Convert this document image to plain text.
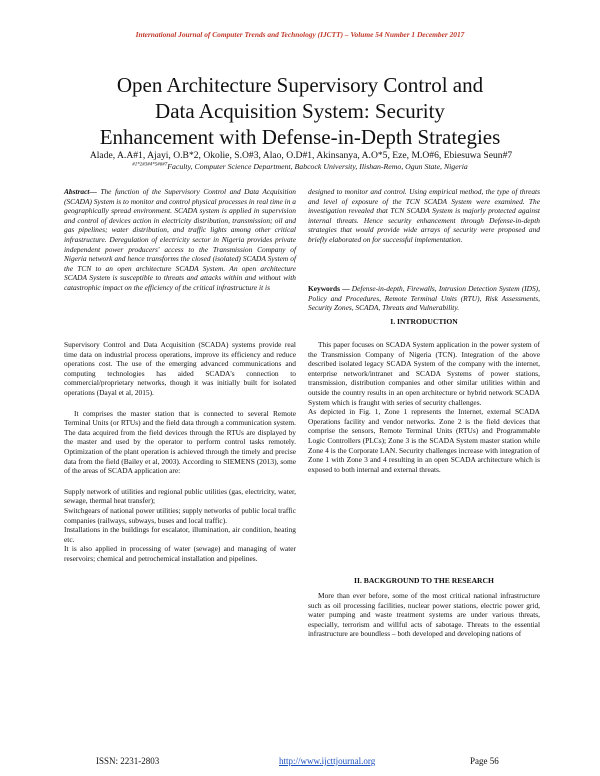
International Journal of Computer Trends and Technology (IJCTT) – Volume 54 Number 1 December 2017
Open Architecture Supervisory Control and
Data Acquisition System: Security
Enhancement with Defense-in-Depth Strategies
Alade, A.A#1, Ajayi, O.B*2, Okolie, S.O#3, Alao, O.D#1, Akinsanya, A.O*5, Eze, M.O#6, Ebiesuwa Seun#7
$^{\#1*2\#3\#4*5\#6\#7}$Faculty, Computer Science Department, Babcock University, Ilishan-Remo, Ogun State, Nigeria
Abstract— The function of the Supervisory Control and Data Acquisition (SCADA) System is to monitor and control physical processes in real time in a geographically spread environment. SCADA system is applied in supervision and control of devices action in electricity distribution, transmission; oil and gas pipelines; water distribution, and traffic lights among other critical infrastructure. Deregulation of electricity sector in Nigeria provides private independent power producers' access to the Transmission Company of Nigeria network and hence transforms the closed (isolated) SCADA System of the TCN to an open architecture SCADA System. An open architecture SCADA System is susceptible to threats and attacks within and without with catastrophic impact on the efficiency of the critical infrastructure it is
designed to monitor and control. Using empirical method, the type of threats and level of exposure of the TCN SCADA System were examined. The investigation revealed that TCN SCADA System is majorly protected against internal threats. Hence security enhancement through Defense-in-depth strategies that would provide wide arrays of security were proposed and briefly elaborated on for successful implementation.
Keywords — Defense-in-depth, Firewalls, Intrusion Detection System (IDS), Policy and Procedures, Remote Terminal Units (RTU), Risk Assessments, Security Zones, SCADA, Threats and Vulnerability.
I. INTRODUCTION

Supervisory Control and Data Acquisition (SCADA) systems provide real time data on industrial process operations, improve its efficiency and reduce operations cost. The use of the emerging advanced communications and computing technologies has aided SCADA's connection to commercial/proprietary networks, though it was initially built for isolated operations (Dayal et al, 2015).

It comprises the master station that is connected to several Remote Terminal Units (or RTUs) and the field data through a communication system. The data acquired from the field devices through the RTUs are displayed by the master and used by the operator to perform control tasks remotely. Optimization of the plant operation is achieved through the timely and precise data from the field (Bailey et al, 2003). According to SIEMENS (2013), some of the areas of SCADA application are:

Supply network of utilities and regional public utilities (gas, electricity, water, sewage, thermal heat transfer);

Switchgears of national power utilities; supply networks of public local traffic companies (railways, subways, buses and local traffic).

Installations in the buildings for escalator, illumination, air condition, heating etc.

It is also applied in processing of water (sewage) and managing of water reservoirs; chemical and petrochemical installation and pipelines.

This paper focuses on SCADA System application in the power system of the Transmission Company of Nigeria (TCN). Integration of the above described isolated legacy SCADA System of the company with the internet, enterprise network/intranet and SCADA Systems of power stations, transmission, distribution companies and other similar utilities within and outside the country results in an open architecture or hybrid network SCADA System which is fraught with series of security challenges.

As depicted in Fig. 1, Zone 1 represents the Internet, external SCADA Operations facility and vendor networks. Zone 2 is the field devices that comprise the sensors, Remote Terminal Units (RTUs) and Programmable Logic Controllers (PLCs); Zone 3 is the SCADA System master station while Zone 4 is the Corporate LAN. Security challenges increase with integration of Zone 1 with Zone 3 and 4 resulting in an open SCADA architecture which is exposed to both internal and external threats.

II. BACKGROUND TO THE RESEARCH

More than ever before, some of the most critical national infrastructure such as oil processing facilities, nuclear power stations, electric power grid, water pumping and waste treatment systems are under various threats, especially, terrorism and willful acts of sabotage. Threats to the essential infrastructure are boundless – both developed and developing nations of

ISSN: 2231-2803	http://www.ijcttjournal.org	Page 56
